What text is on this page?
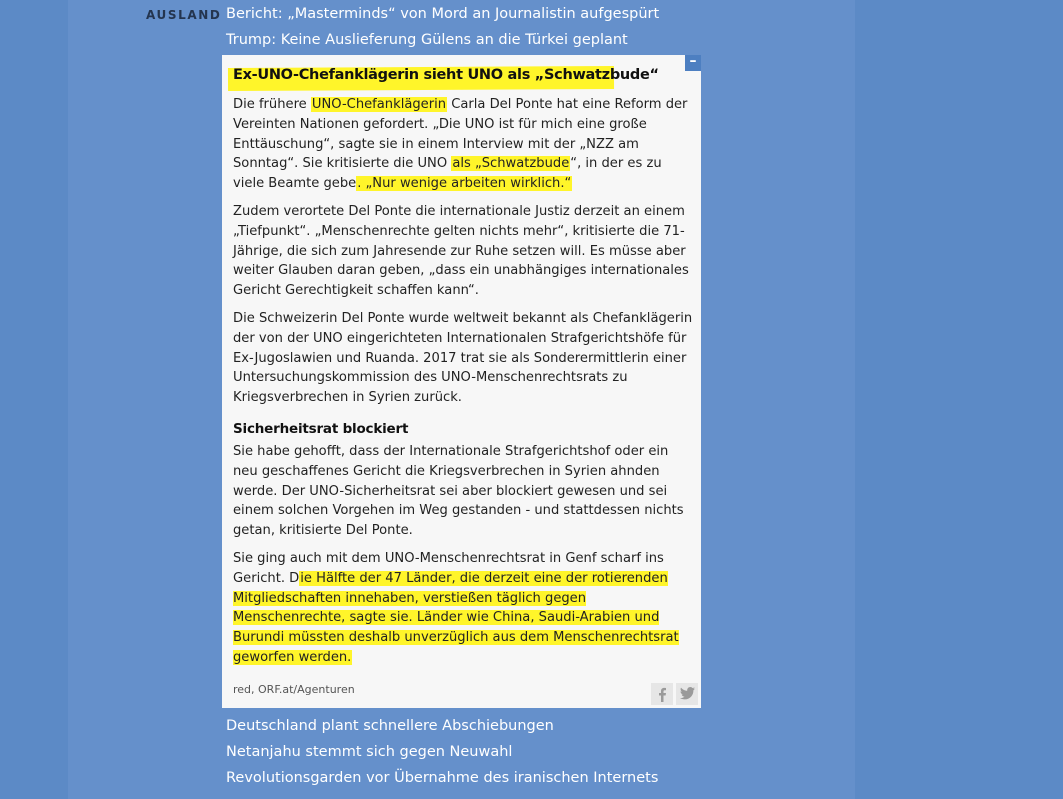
AUSLAND Bericht: „Masterminds“ von Mord an Journalistin aufgespürt
Trump: Keine Auslieferung Gülens an die Türkei geplant
–
Ex-UNO-Chefanklägerin sieht UNO als „Schwatzbude“
Die frühere UNO-Chefanklägerin Carla Del Ponte hat eine Reform der Vereinten Nationen gefordert. „Die UNO ist für mich eine große Enttäuschung“, sagte sie in einem Interview mit der „NZZ am Sonntag“. Sie kritisierte die UNO als „Schwatzbude“, in der es zu viele Beamte gebe. „Nur wenige arbeiten wirklich.“
Zudem verortete Del Ponte die internationale Justiz derzeit an einem „Tiefpunkt“. „Menschenrechte gelten nichts mehr“, kritisierte die 71-Jährige, die sich zum Jahresende zur Ruhe setzen will. Es müsse aber weiter Glauben daran geben, „dass ein unabhängiges internationales Gericht Gerechtigkeit schaffen kann“.
Die Schweizerin Del Ponte wurde weltweit bekannt als Chefanklägerin der von der UNO eingerichteten Internationalen Strafgerichtshöfe für Ex-Jugoslawien und Ruanda. 2017 trat sie als Sonderermittlerin einer Untersuchungskommission des UNO-Menschenrechtsrats zu Kriegsverbrechen in Syrien zurück.
Sicherheitsrat blockiert
Sie habe gehofft, dass der Internationale Strafgerichtshof oder ein neu geschaffenes Gericht die Kriegsverbrechen in Syrien ahnden werde. Der UNO-Sicherheitsrat sei aber blockiert gewesen und sei einem solchen Vorgehen im Weg gestanden - und stattdessen nichts getan, kritisierte Del Ponte.
Sie ging auch mit dem UNO-Menschenrechtsrat in Genf scharf ins Gericht. Die Hälfte der 47 Länder, die derzeit eine der rotierenden Mitgliedschaften innehaben, verstießen täglich gegen Menschenrechte, sagte sie. Länder wie China, Saudi-Arabien und Burundi müssten deshalb unverzüglich aus dem Menschenrechtsrat geworfen werden.
red, ORF.at/Agenturen
Deutschland plant schnellere Abschiebungen
Netanjahu stemmt sich gegen Neuwahl
Revolutionsgarden vor Übernahme des iranischen Internets
